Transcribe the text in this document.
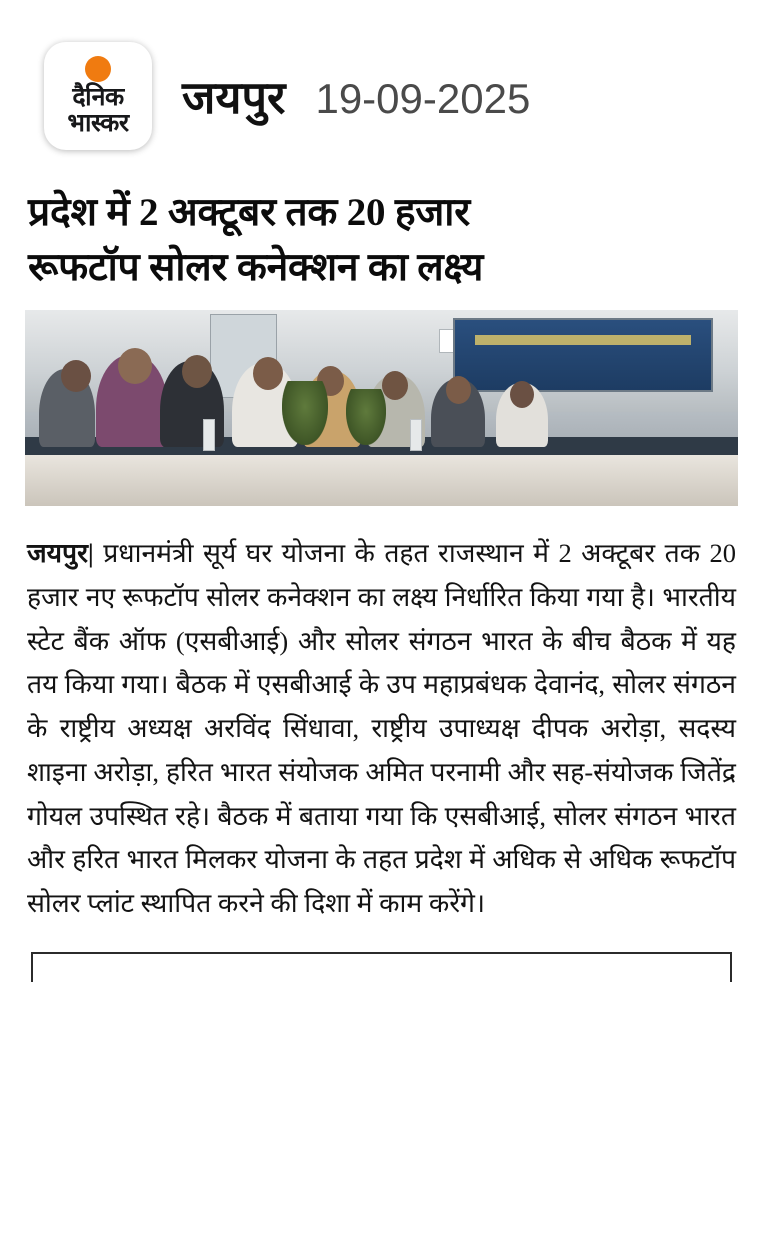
दैनिक
भास्कर
जयपुर 19-09-2025
प्रदेश में 2 अक्टूबर तक 20 हजार
रूफटॉप सोलर कनेक्शन का लक्ष्य

जयपुर| प्रधानमंत्री सूर्य घर योजना के तहत राजस्थान में 2 अक्टूबर तक 20 हजार नए रूफटॉप सोलर कनेक्शन का लक्ष्य निर्धारित किया गया है। भारतीय स्टेट बैंक ऑफ (एसबीआई) और सोलर संगठन भारत के बीच बैठक में यह तय किया गया। बैठक में एसबीआई के उप महाप्रबंधक देवानंद, सोलर संगठन के राष्ट्रीय अध्यक्ष अरविंद सिंधावा, राष्ट्रीय उपाध्यक्ष दीपक अरोड़ा, सदस्य शाइना अरोड़ा, हरित भारत संयोजक अमित परनामी और सह-संयोजक जितेंद्र गोयल उपस्थित रहे। बैठक में बताया गया कि एसबीआई, सोलर संगठन भारत और हरित भारत मिलकर योजना के तहत प्रदेश में अधिक से अधिक रूफटॉप सोलर प्लांट स्थापित करने की दिशा में काम करेंगे।
